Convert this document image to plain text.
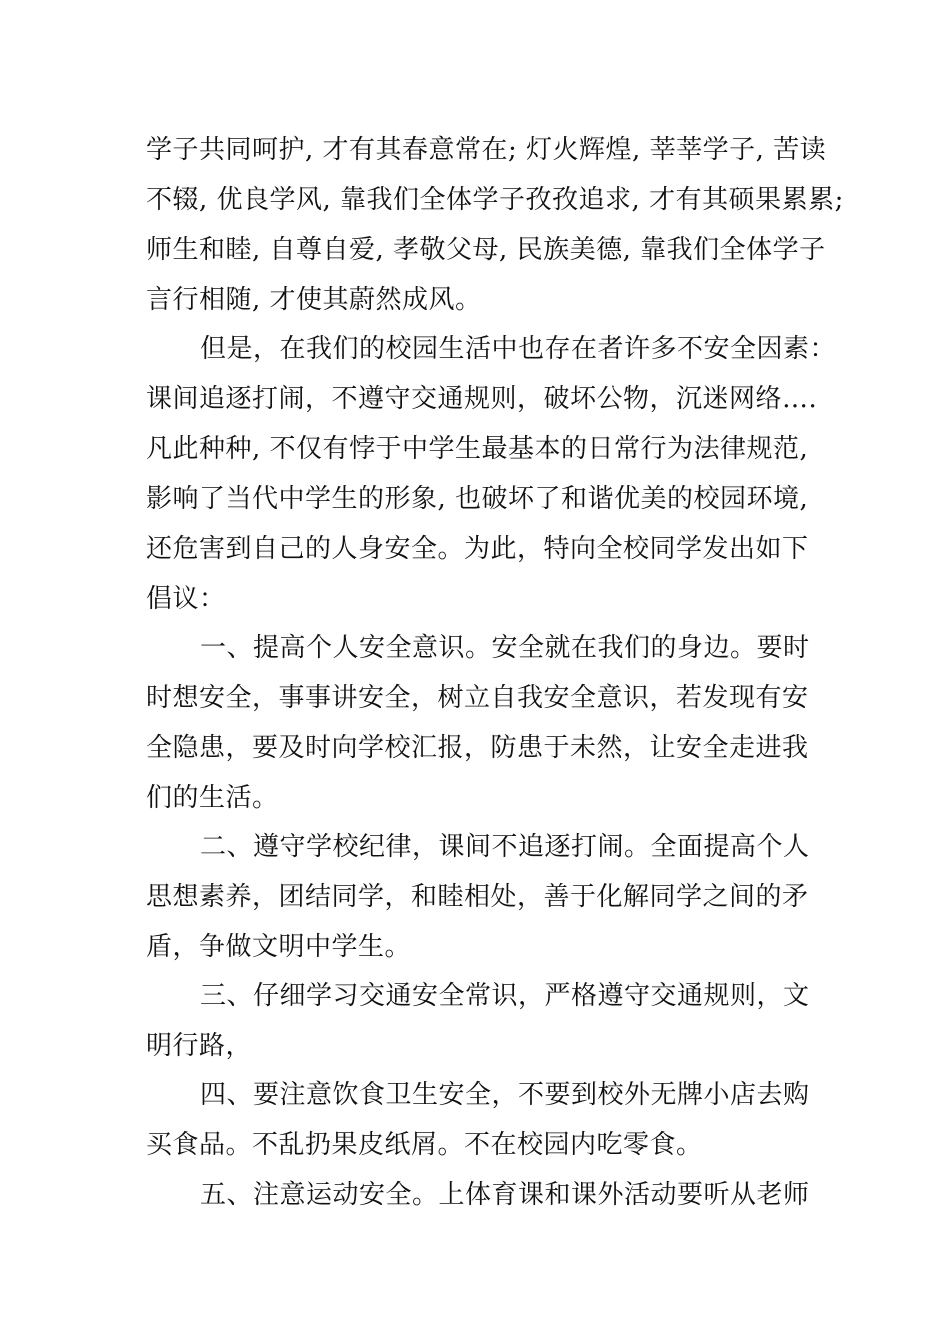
学子共同呵护, 才有其春意常在; 灯火辉煌, 莘莘学子, 苦读
不辍, 优良学风, 靠我们全体学子孜孜追求, 才有其硕果累累;
师生和睦, 自尊自爱, 孝敬父母, 民族美德, 靠我们全体学子
言行相随, 才使其蔚然成风。
但是，在我们的校园生活中也存在者许多不安全因素：
课间追逐打闹，不遵守交通规则，破坏公物，沉迷网络….
凡此种种, 不仅有悖于中学生最基本的日常行为法律规范,
影响了当代中学生的形象, 也破坏了和谐优美的校园环境,
还危害到自己的人身安全。为此，特向全校同学发出如下
倡议：
一、提高个人安全意识。安全就在我们的身边。要时
时想安全，事事讲安全，树立自我安全意识，若发现有安
全隐患，要及时向学校汇报，防患于未然，让安全走进我
们的生活。
二、遵守学校纪律，课间不追逐打闹。全面提高个人
思想素养，团结同学，和睦相处，善于化解同学之间的矛
盾，争做文明中学生。
三、仔细学习交通安全常识，严格遵守交通规则，文
明行路，
四、要注意饮食卫生安全，不要到校外无牌小店去购
买食品。不乱扔果皮纸屑。不在校园内吃零食。
五、注意运动安全。上体育课和课外活动要听从老师
